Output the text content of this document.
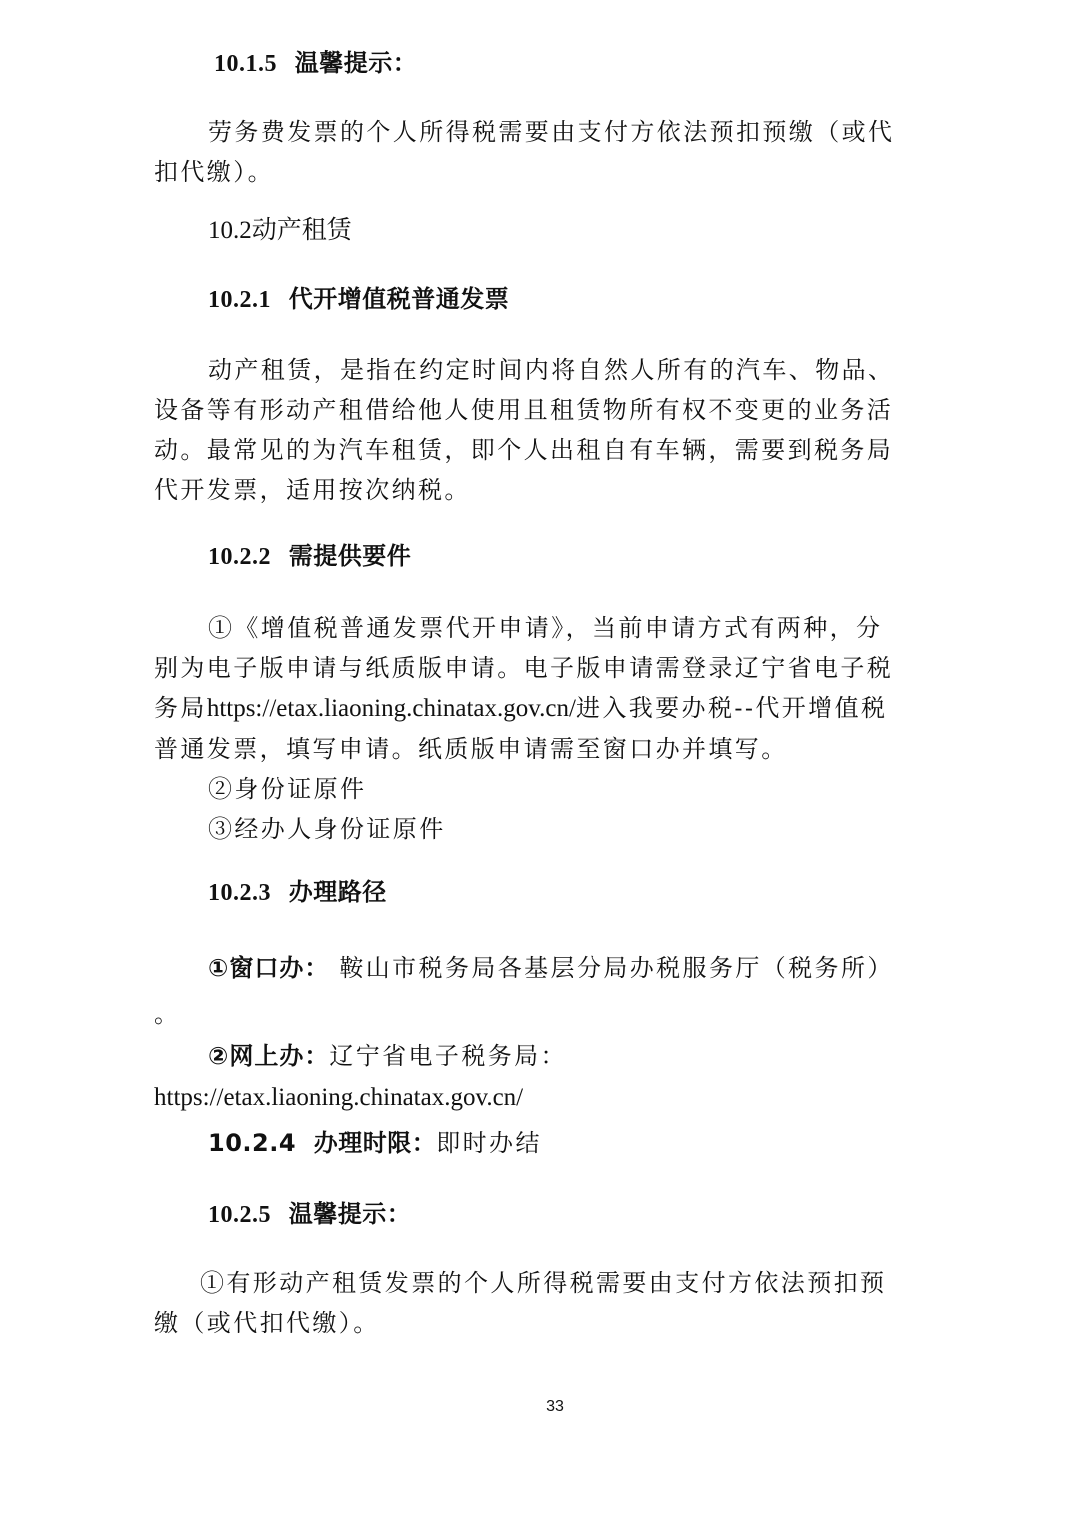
10.1.5 温馨提示：
劳务费发票的个人所得税需要由支付方依法预扣预缴（或代
扣代缴）。
10.2动产租赁
10.2.1 代开增值税普通发票
动产租赁，是指在约定时间内将自然人所有的汽车、物品、
设备等有形动产租借给他人使用且租赁物所有权不变更的业务活
动。最常见的为汽车租赁，即个人出租自有车辆，需要到税务局
代开发票，适用按次纳税。
10.2.2 需提供要件
①《增值税普通发票代开申请》，当前申请方式有两种，分
别为电子版申请与纸质版申请。电子版申请需登录辽宁省电子税
务局https://etax.liaoning.chinatax.gov.cn/进入我要办税--代开增值税
普通发票，填写申请。纸质版申请需至窗口办并填写。
②身份证原件
③经办人身份证原件
10.2.3 办理路径
①窗口办： 鞍山市税务局各基层分局办税服务厅（税务所）
。
②网上办：辽宁省电子税务局：
https://etax.liaoning.chinatax.gov.cn/
10.2.4 办理时限：即时办结
10.2.5 温馨提示：
①有形动产租赁发票的个人所得税需要由支付方依法预扣预
缴（或代扣代缴）。
33
